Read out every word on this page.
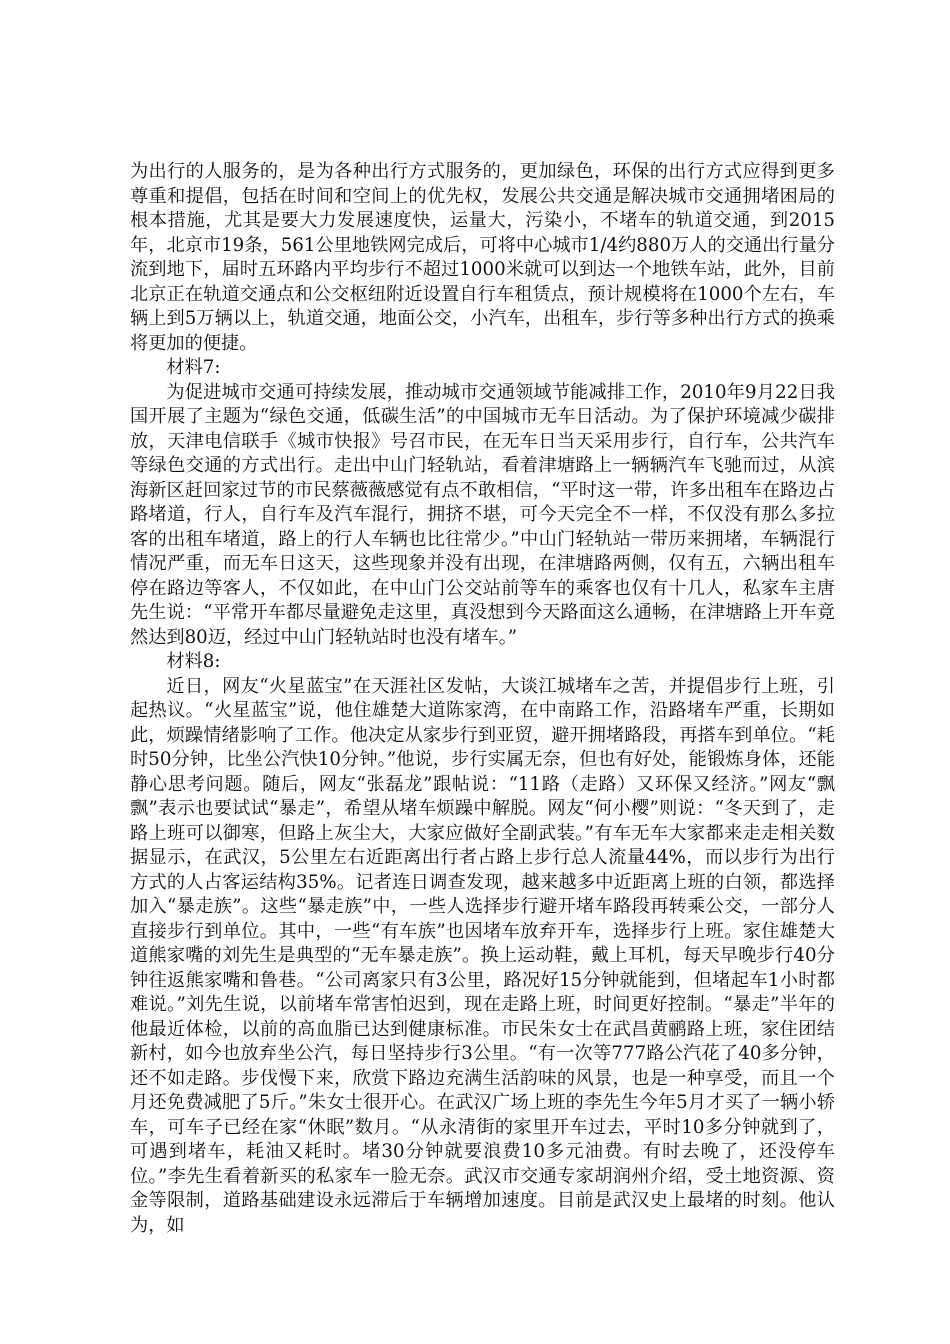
为出行的人服务的，是为各种出行方式服务的，更加绿色，环保的出行方式应得到更多尊重和提倡，包括在时间和空间上的优先权，发展公共交通是解决城市交通拥堵困局的根本措施，尤其是要大力发展速度快，运量大，污染小，不堵车的轨道交通，到2015年，北京市19条，561公里地铁网完成后，可将中心城市1/4约880万人的交通出行量分流到地下，届时五环路内平均步行不超过1000米就可以到达一个地铁车站，此外，目前北京正在轨道交通点和公交枢纽附近设置自行车租赁点，预计规模将在1000个左右，车辆上到5万辆以上，轨道交通，地面公交，小汽车，出租车，步行等多种出行方式的换乘将更加的便捷。

材料7:

为促进城市交通可持续发展，推动城市交通领域节能减排工作，2010年9月22日我国开展了主题为“绿色交通，低碳生活”的中国城市无车日活动。为了保护环境减少碳排放，天津电信联手《城市快报》号召市民，在无车日当天采用步行，自行车，公共汽车等绿色交通的方式出行。走出中山门轻轨站，看着津塘路上一辆辆汽车飞驰而过，从滨海新区赶回家过节的市民蔡薇薇感觉有点不敢相信，“平时这一带，许多出租车在路边占路堵道，行人，自行车及汽车混行，拥挤不堪，可今天完全不一样，不仅没有那么多拉客的出租车堵道，路上的行人车辆也比往常少。”中山门轻轨站一带历来拥堵，车辆混行情况严重，而无车日这天，这些现象并没有出现，在津塘路两侧，仅有五，六辆出租车停在路边等客人，不仅如此，在中山门公交站前等车的乘客也仅有十几人，私家车主唐先生说：“平常开车都尽量避免走这里，真没想到今天路面这么通畅，在津塘路上开车竟然达到80迈，经过中山门轻轨站时也没有堵车。”

材料8:

近日，网友“火星蓝宝”在天涯社区发帖，大谈江城堵车之苦，并提倡步行上班，引起热议。“火星蓝宝”说，他住雄楚大道陈家湾，在中南路工作，沿路堵车严重，长期如此，烦躁情绪影响了工作。他决定从家步行到亚贸，避开拥堵路段，再搭车到单位。“耗时50分钟，比坐公汽快10分钟。”他说，步行实属无奈，但也有好处，能锻炼身体，还能静心思考问题。随后，网友“张磊龙”跟帖说：“11路（走路）又环保又经济。”网友“飘飘”表示也要试试“暴走”，希望从堵车烦躁中解脱。网友“何小樱”则说：“冬天到了，走路上班可以御寒，但路上灰尘大，大家应做好全副武装。”有车无车大家都来走走相关数据显示，在武汉，5公里左右近距离出行者占路上步行总人流量44%，而以步行为出行方式的人占客运结构35%。记者连日调查发现，越来越多中近距离上班的白领，都选择加入“暴走族”。这些“暴走族”中，一些人选择步行避开堵车路段再转乘公交，一部分人直接步行到单位。其中，一些“有车族”也因堵车放弃开车，选择步行上班。家住雄楚大道熊家嘴的刘先生是典型的“无车暴走族”。换上运动鞋，戴上耳机，每天早晚步行40分钟往返熊家嘴和鲁巷。“公司离家只有3公里，路况好15分钟就能到，但堵起车1小时都难说。”刘先生说，以前堵车常害怕迟到，现在走路上班，时间更好控制。“暴走”半年的他最近体检，以前的高血脂已达到健康标准。市民朱女士在武昌黄鹂路上班，家住团结新村，如今也放弃坐公汽，每日坚持步行3公里。“有一次等777路公汽花了40多分钟，还不如走路。步伐慢下来，欣赏下路边充满生活韵味的风景，也是一种享受，而且一个月还免费减肥了5斤。”朱女士很开心。在武汉广场上班的李先生今年5月才买了一辆小轿车，可车子已经在家“休眠”数月。“从永清街的家里开车过去，平时10多分钟就到了，可遇到堵车，耗油又耗时。堵30分钟就要浪费10多元油费。有时去晚了，还没停车位。”李先生看着新买的私家车一脸无奈。武汉市交通专家胡润州介绍，受土地资源、资金等限制，道路基础建设永远滞后于车辆增加速度。目前是武汉史上最堵的时刻。他认为，如
